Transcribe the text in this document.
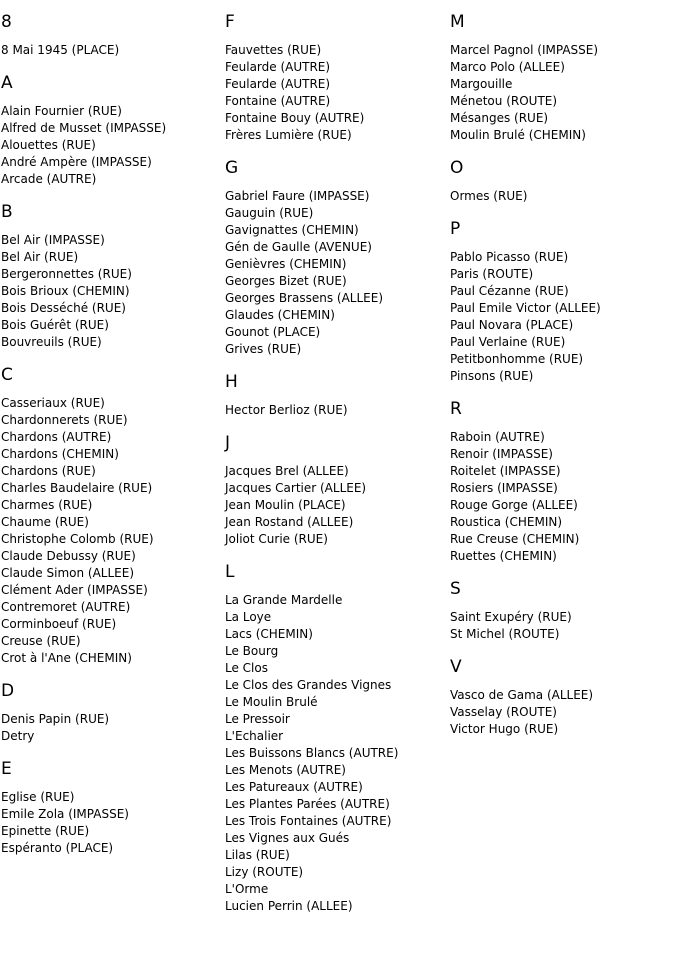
8
8 Mai 1945 (PLACE)
A
Alain Fournier (RUE)
Alfred de Musset (IMPASSE)
Alouettes (RUE)
André Ampère (IMPASSE)
Arcade (AUTRE)
B
Bel Air (IMPASSE)
Bel Air (RUE)
Bergeronnettes (RUE)
Bois Brioux (CHEMIN)
Bois Desséché (RUE)
Bois Guérêt (RUE)
Bouvreuils (RUE)
C
Casseriaux (RUE)
Chardonnerets (RUE)
Chardons (AUTRE)
Chardons (CHEMIN)
Chardons (RUE)
Charles Baudelaire (RUE)
Charmes (RUE)
Chaume (RUE)
Christophe Colomb (RUE)
Claude Debussy (RUE)
Claude Simon (ALLEE)
Clément Ader (IMPASSE)
Contremoret (AUTRE)
Corminboeuf (RUE)
Creuse (RUE)
Crot à l'Ane (CHEMIN)
D
Denis Papin (RUE)
Detry
E
Eglise (RUE)
Emile Zola (IMPASSE)
Epinette (RUE)
Espéranto (PLACE)
F
Fauvettes (RUE)
Feularde (AUTRE)
Feularde (AUTRE)
Fontaine (AUTRE)
Fontaine Bouy (AUTRE)
Frères Lumière (RUE)
G
Gabriel Faure (IMPASSE)
Gauguin (RUE)
Gavignattes (CHEMIN)
Gén de Gaulle (AVENUE)
Genièvres (CHEMIN)
Georges Bizet (RUE)
Georges Brassens (ALLEE)
Glaudes (CHEMIN)
Gounot (PLACE)
Grives (RUE)
H
Hector Berlioz (RUE)
J
Jacques Brel (ALLEE)
Jacques Cartier (ALLEE)
Jean Moulin (PLACE)
Jean Rostand (ALLEE)
Joliot Curie (RUE)
L
La Grande Mardelle
La Loye
Lacs (CHEMIN)
Le Bourg
Le Clos
Le Clos des Grandes Vignes
Le Moulin Brulé
Le Pressoir
L'Echalier
Les Buissons Blancs (AUTRE)
Les Menots (AUTRE)
Les Patureaux (AUTRE)
Les Plantes Parées (AUTRE)
Les Trois Fontaines (AUTRE)
Les Vignes aux Gués
Lilas (RUE)
Lizy (ROUTE)
L'Orme
Lucien Perrin (ALLEE)
M
Marcel Pagnol (IMPASSE)
Marco Polo (ALLEE)
Margouille
Ménetou (ROUTE)
Mésanges (RUE)
Moulin Brulé (CHEMIN)
O
Ormes (RUE)
P
Pablo Picasso (RUE)
Paris (ROUTE)
Paul Cézanne (RUE)
Paul Emile Victor (ALLEE)
Paul Novara (PLACE)
Paul Verlaine (RUE)
Petitbonhomme (RUE)
Pinsons (RUE)
R
Raboin (AUTRE)
Renoir (IMPASSE)
Roitelet (IMPASSE)
Rosiers (IMPASSE)
Rouge Gorge (ALLEE)
Roustica (CHEMIN)
Rue Creuse (CHEMIN)
Ruettes (CHEMIN)
S
Saint Exupéry (RUE)
St Michel (ROUTE)
V
Vasco de Gama (ALLEE)
Vasselay (ROUTE)
Victor Hugo (RUE)
